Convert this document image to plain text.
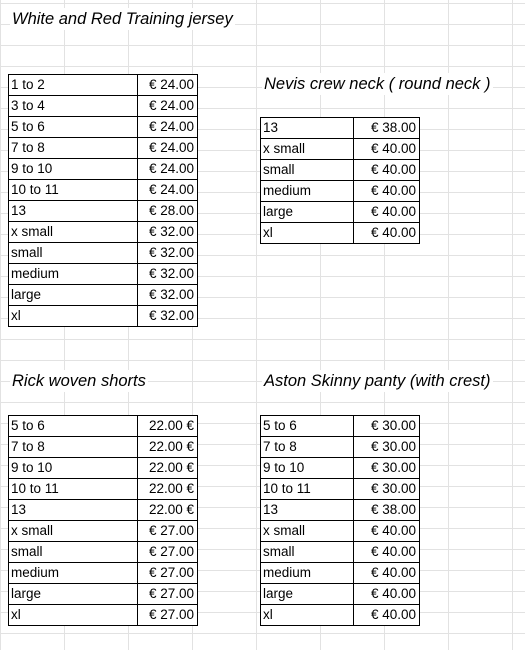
White and Red Training jersey
1 to 2	€ 24.00
3 to 4	€ 24.00
5 to 6	€ 24.00
7 to 8	€ 24.00
9 to 10	€ 24.00
10 to 11	€ 24.00
13	€ 28.00
x small	€ 32.00
small	€ 32.00
medium	€ 32.00
large	€ 32.00
xl	€ 32.00
Nevis crew neck ( round neck )
13	€ 38.00
x small	€ 40.00
small	€ 40.00
medium	€ 40.00
large	€ 40.00
xl	€ 40.00
Rick woven shorts
5 to 6	22.00 €
7 to 8	22.00 €
9 to 10	22.00 €
10 to 11	22.00 €
13	22.00 €
x small	€ 27.00
small	€ 27.00
medium	€ 27.00
large	€ 27.00
xl	€ 27.00
Aston Skinny panty (with crest)
5 to 6	€ 30.00
7 to 8	€ 30.00
9 to 10	€ 30.00
10 to 11	€ 30.00
13	€ 38.00
x small	€ 40.00
small	€ 40.00
medium	€ 40.00
large	€ 40.00
xl	€ 40.00
